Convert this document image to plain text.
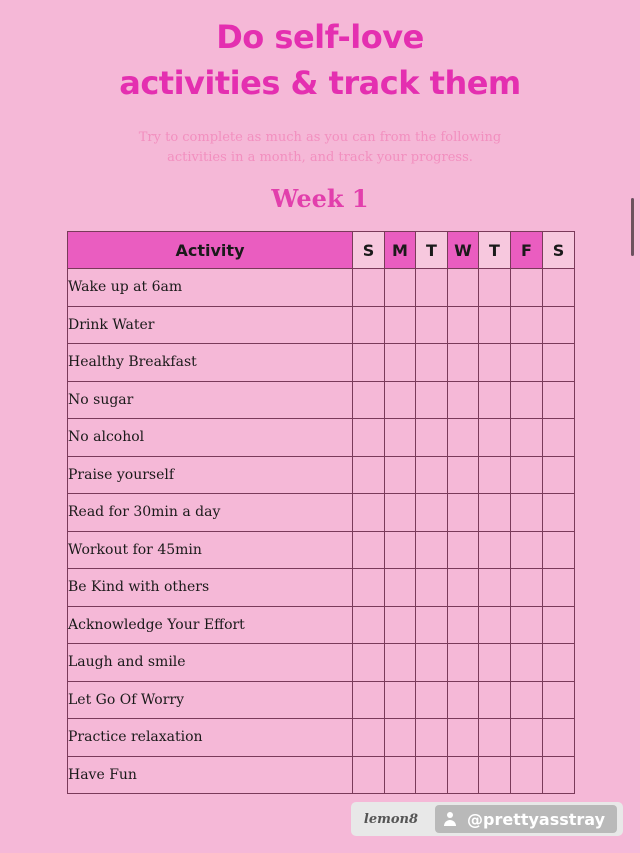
Do self-love
activities & track them
Try to complete as much as you can from the following
activities in a month, and track your progress.
Week 1
Activity	S	M	T	W	T	F	S
Wake up at 6am							
Drink Water							
Healthy Breakfast							
No sugar							
No alcohol							
Praise yourself							
Read for 30min a day							
Workout for 45min							
Be Kind with others							
Acknowledge Your Effort							
Laugh and smile							
Let Go Of Worry							
Practice relaxation							
Have Fun							
lemon8	@prettyasstray
